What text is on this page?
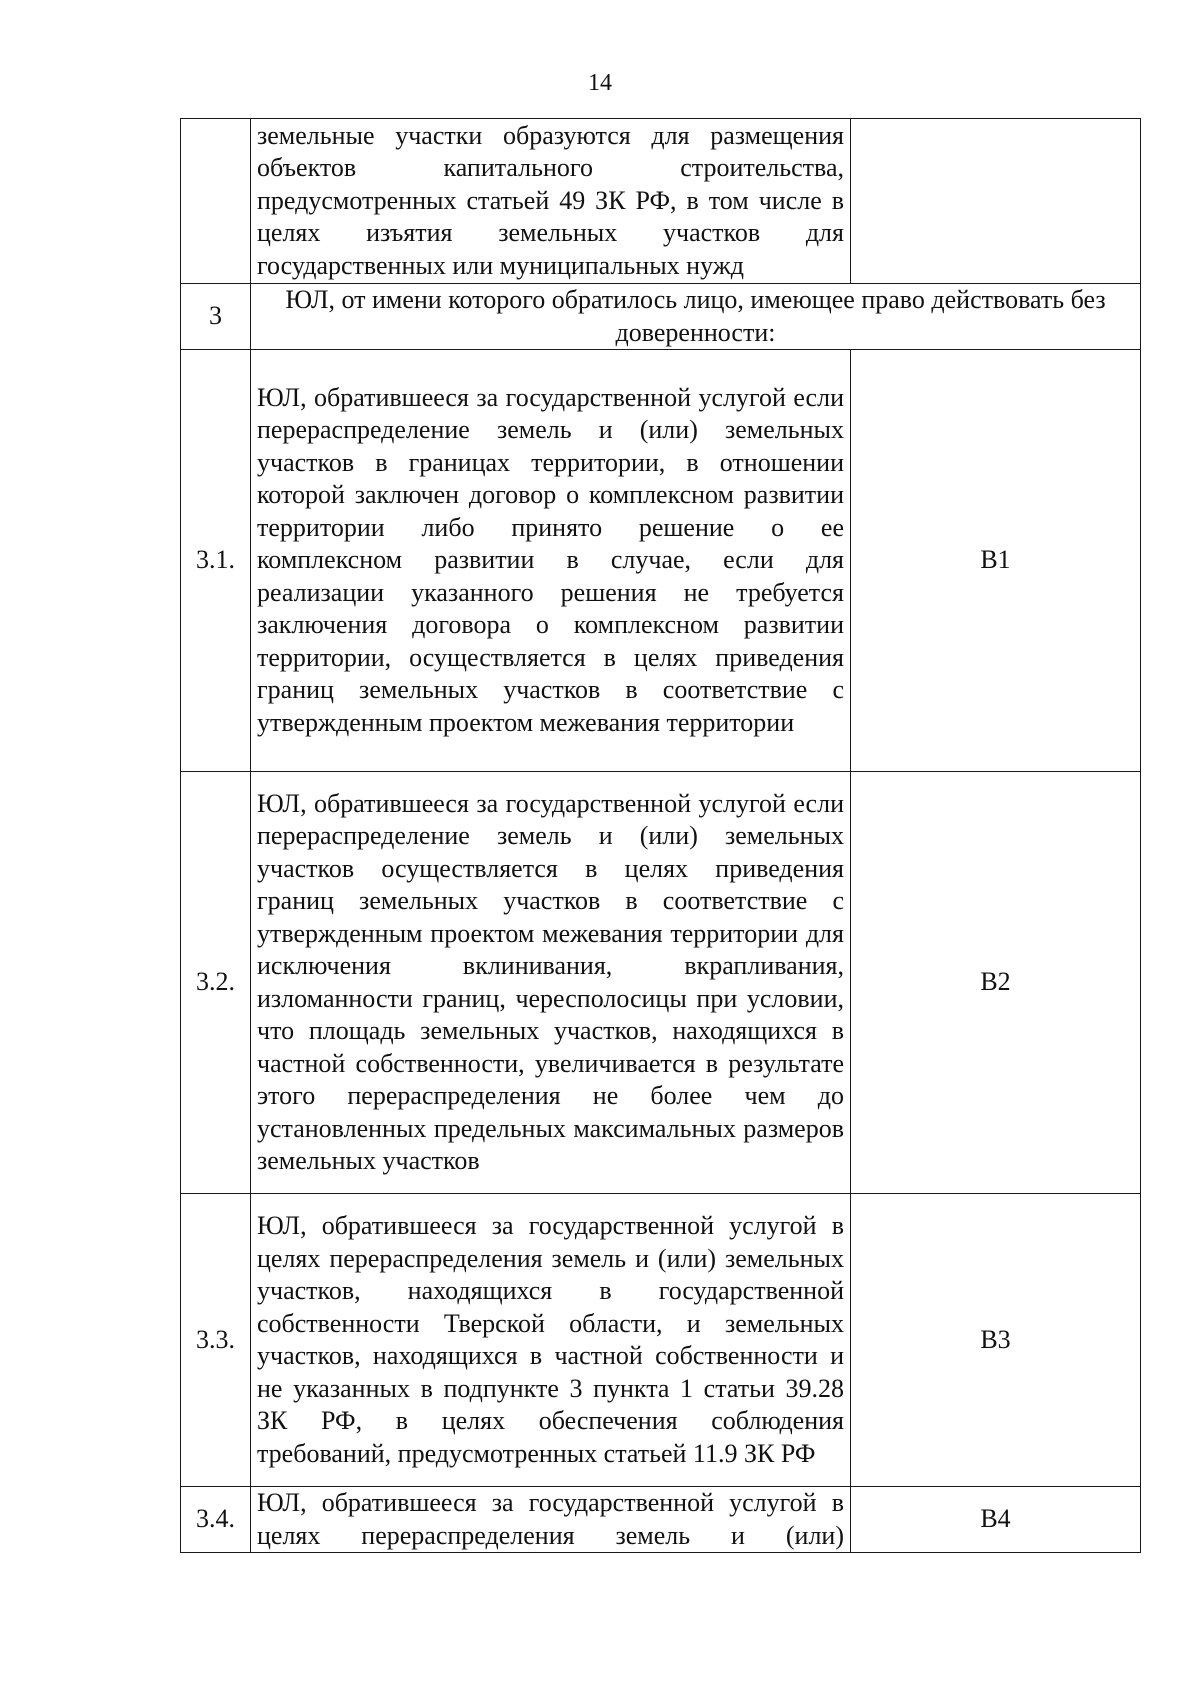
14
	земельные участки образуются для размещения объектов капитального строительства, предусмотренных статьей 49 ЗК РФ, в том числе в целях изъятия земельных участков для государственных или муниципальных нужд	
3	ЮЛ, от имени которого обратилось лицо, имеющее право действовать без доверенности:	
3.1.	ЮЛ, обратившееся за государственной услугой если перераспределение земель и (или) земельных участков в границах территории, в отношении которой заключен договор о комплексном развитии территории либо принято решение о ее комплексном развитии в случае, если для реализации указанного решения не требуется заключения договора о комплексном развитии территории, осуществляется в целях приведения границ земельных участков в соответствие с утвержденным проектом межевания территории	В1
3.2.	ЮЛ, обратившееся за государственной услугой если перераспределение земель и (или) земельных участков осуществляется в целях приведения границ земельных участков в соответствие с утвержденным проектом межевания территории для исключения вклинивания, вкрапливания, изломанности границ, чересполосицы при условии, что площадь земельных участков, находящихся в частной собственности, увеличивается в результате этого перераспределения не более чем до установленных предельных максимальных размеров земельных участков	В2
3.3.	ЮЛ, обратившееся за государственной услугой в целях перераспределения земель и (или) земельных участков, находящихся в государственной собственности Тверской области, и земельных участков, находящихся в частной собственности и не указанных в подпункте 3 пункта 1 статьи 39.28 ЗК РФ, в целях обеспечения соблюдения требований, предусмотренных статьей 11.9 ЗК РФ	В3
3.4.	ЮЛ, обратившееся за государственной услугой в целях перераспределения земель и (или)	В4
